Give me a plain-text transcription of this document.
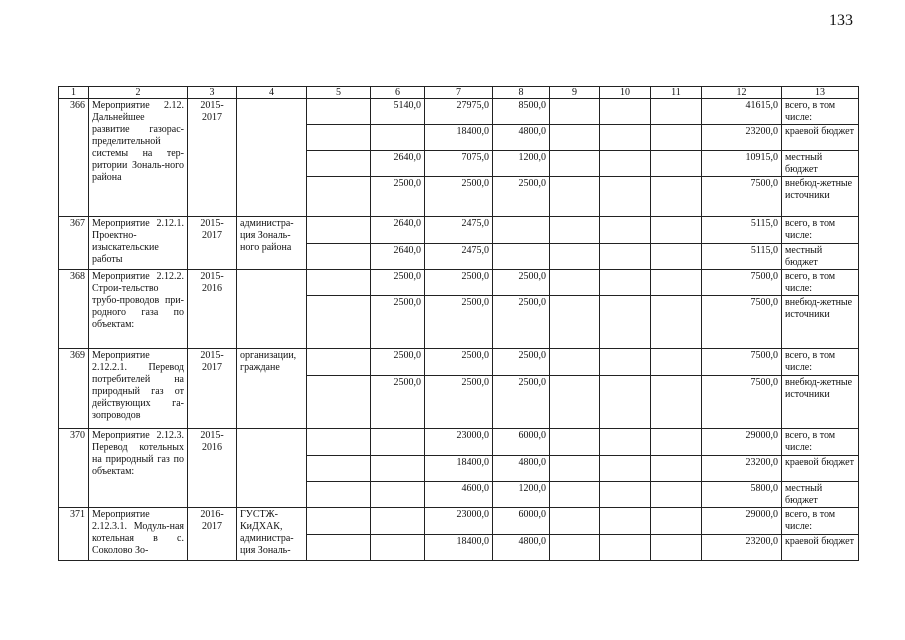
133
1	2	3	4	5	6	7	8	9	10	11	12	13
366	Мероприятие 2.12. Дальнейшее развитие газорас-пределительной системы на тер-ритории Зональ-ного района	2015-2017			5140,0	27975,0	8500,0				41615,0	всего, в том числе:
						18400,0	4800,0				23200,0	краевой бюджет
					2640,0	7075,0	1200,0				10915,0	местный бюджет
					2500,0	2500,0	2500,0				7500,0	внебюд-жетные источники
367	Мероприятие 2.12.1. Проектно-изыскательские работы	2015-2017	администра-ция Зональ-ного района		2640,0	2475,0					5115,0	всего, в том числе:
					2640,0	2475,0					5115,0	местный бюджет
368	Мероприятие 2.12.2. Строи-тельство трубо-проводов при-родного газа по объектам:	2015-2016			2500,0	2500,0	2500,0				7500,0	всего, в том числе:
					2500,0	2500,0	2500,0				7500,0	внебюд-жетные источники
369	Мероприятие 2.12.2.1. Перевод потребителей на природный газ от действующих га-зопроводов	2015-2017	организации, граждане		2500,0	2500,0	2500,0				7500,0	всего, в том числе:
					2500,0	2500,0	2500,0				7500,0	внебюд-жетные источники
370	Мероприятие 2.12.3. Перевод котельных на природный газ по объектам:	2015-2016				23000,0	6000,0				29000,0	всего, в том числе:
						18400,0	4800,0				23200,0	краевой бюджет
						4600,0	1200,0				5800,0	местный бюджет
371	Мероприятие 2.12.3.1. Модуль-ная котельная в с. Соколово Зо-	2016-2017	ГУСТЖ-КиДХАК, администра-ция Зональ-			23000,0	6000,0				29000,0	всего, в том числе:
						18400,0	4800,0				23200,0	краевой бюджет
